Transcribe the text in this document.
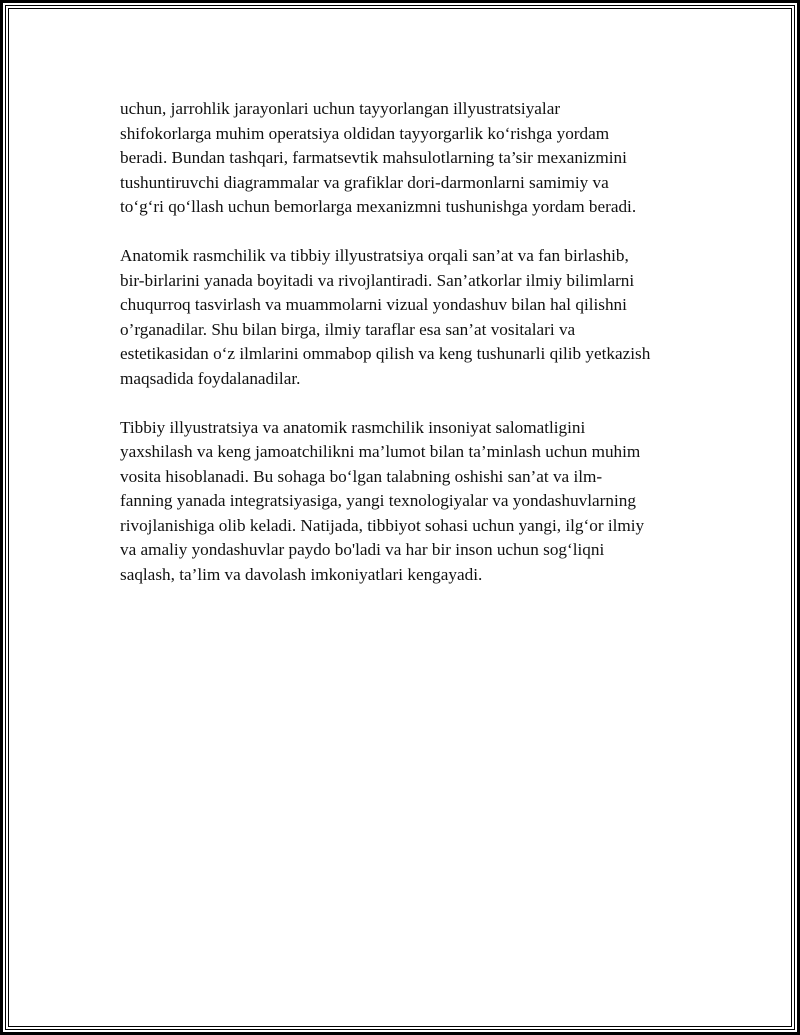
uchun, jarrohlik jarayonlari uchun tayyorlangan illyustratsiyalar
shifokorlarga muhim operatsiya oldidan tayyorgarlik ko‘rishga yordam
beradi. Bundan tashqari, farmatsevtik mahsulotlarning ta’sir mexanizmini
tushuntiruvchi diagrammalar va grafiklar dori-darmonlarni samimiy va
to‘g‘ri qo‘llash uchun bemorlarga mexanizmni tushunishga yordam beradi.

Anatomik rasmchilik va tibbiy illyustratsiya orqali san’at va fan birlashib,
bir-birlarini yanada boyitadi va rivojlantiradi. San’atkorlar ilmiy bilimlarni
chuqurroq tasvirlash va muammolarni vizual yondashuv bilan hal qilishni
o’rganadilar. Shu bilan birga, ilmiy taraflar esa san’at vositalari va
estetikasidan o‘z ilmlarini ommabop qilish va keng tushunarli qilib yetkazish
maqsadida foydalanadilar.

Tibbiy illyustratsiya va anatomik rasmchilik insoniyat salomatligini
yaxshilash va keng jamoatchilikni ma’lumot bilan ta’minlash uchun muhim
vosita hisoblanadi. Bu sohaga bo‘lgan talabning oshishi san’at va ilm-
fanning yanada integratsiyasiga, yangi texnologiyalar va yondashuvlarning
rivojlanishiga olib keladi. Natijada, tibbiyot sohasi uchun yangi, ilg‘or ilmiy
va amaliy yondashuvlar paydo bo'ladi va har bir inson uchun sog‘liqni
saqlash, ta’lim va davolash imkoniyatlari kengayadi.
